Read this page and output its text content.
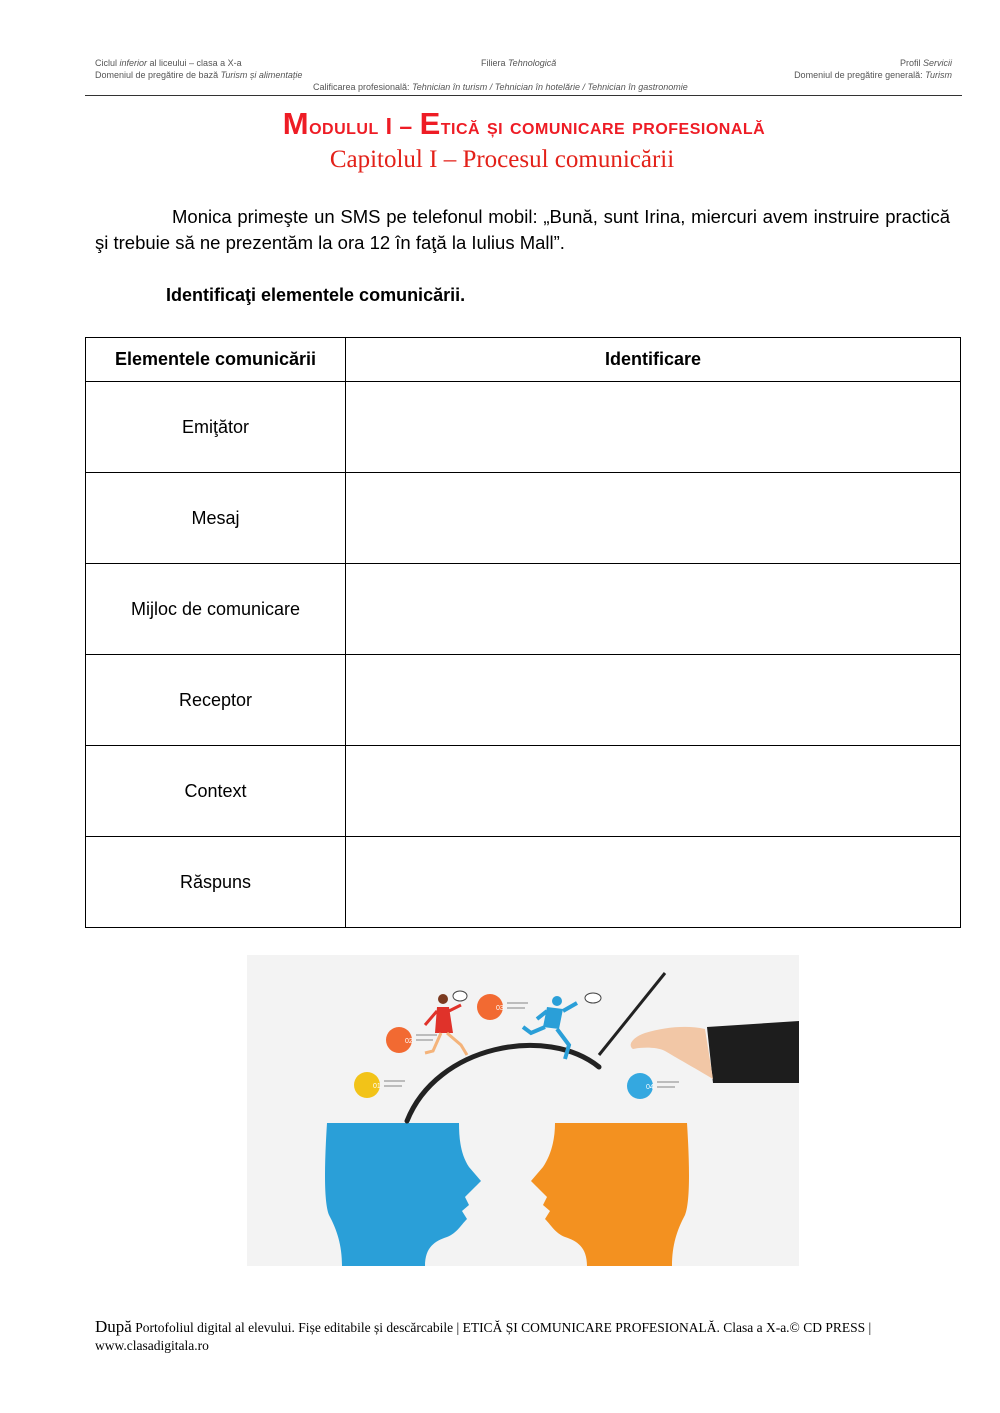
Ciclul inferior al liceului – clasa a X-a
Domeniul de pregătire de bază Turism și alimentație
Filiera Tehnologică
Calificarea profesională: Tehnician în turism / Tehnician în hotelărie / Tehnician în gastronomie
Profil Servicii
Domeniul de pregătire generală: Turism
Modulul I – Etică și comunicare profesională
Capitolul I – Procesul comunicării
Monica primeşte un SMS pe telefonul mobil: „Bună, sunt Irina, miercuri avem instruire practică şi trebuie să ne prezentăm la ora 12 în faţă la Iulius Mall”.
Identificaţi elementele comunicării.
Elementele comunicării	Identificare
Emiţător	
Mesaj	
Mijloc de comunicare	
Receptor	
Context	
Răspuns	
01
02
03
04
După Portofoliul digital al elevului. Fișe editabile și descărcabile | ETICĂ ȘI COMUNICARE PROFESIONALĂ. Clasa a X-a.© CD PRESS | www.clasadigitala.ro
